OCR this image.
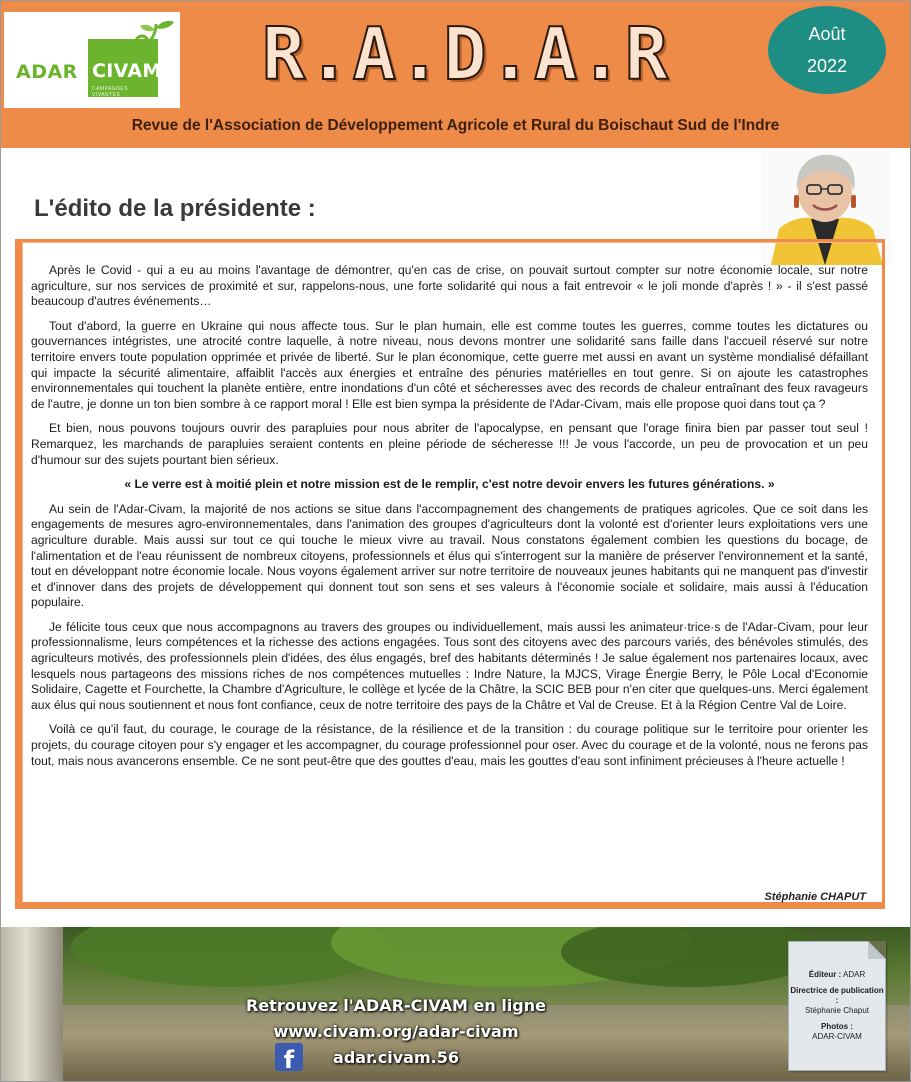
ADAR CIVAM
CAMPAGNES VIVANTES	R.A.D.A.R	Août
2022
Revue de l'Association de Développement Agricole et Rural du Boischaut Sud de l'Indre
L'édito de la présidente :

Après le Covid - qui a eu au moins l'avantage de démontrer, qu'en cas de crise, on pouvait surtout compter sur notre économie locale, sur notre agriculture, sur nos services de proximité et sur, rappelons-nous, une forte solidarité qui nous a fait entrevoir « le joli monde d'après ! » - il s'est passé beaucoup d'autres événements…

Tout d'abord, la guerre en Ukraine qui nous affecte tous. Sur le plan humain, elle est comme toutes les guerres, comme toutes les dictatures ou gouvernances intégristes, une atrocité contre laquelle, à notre niveau, nous devons montrer une solidarité sans faille dans l'accueil réservé sur notre territoire envers toute population opprimée et privée de liberté. Sur le plan économique, cette guerre met aussi en avant un système mondialisé défaillant qui impacte la sécurité alimentaire, affaiblit l'accès aux énergies et entraîne des pénuries matérielles en tout genre. Si on ajoute les catastrophes environnementales qui touchent la planète entière, entre inondations d'un côté et sécheresses avec des records de chaleur entraînant des feux ravageurs de l'autre, je donne un ton bien sombre à ce rapport moral ! Elle est bien sympa la présidente de l'Adar-Civam, mais elle propose quoi dans tout ça ?

Et bien, nous pouvons toujours ouvrir des parapluies pour nous abriter de l'apocalypse, en pensant que l'orage finira bien par passer tout seul ! Remarquez, les marchands de parapluies seraient contents en pleine période de sécheresse !!! Je vous l'accorde, un peu de provocation et un peu d'humour sur des sujets pourtant bien sérieux.

« Le verre est à moitié plein et notre mission est de le remplir, c'est notre devoir envers les futures générations. »

Au sein de l'Adar-Civam, la majorité de nos actions se situe dans l'accompagnement des changements de pratiques agricoles. Que ce soit dans les engagements de mesures agro-environnementales, dans l'animation des groupes d'agriculteurs dont la volonté est d'orienter leurs exploitations vers une agriculture durable. Mais aussi sur tout ce qui touche le mieux vivre au travail. Nous constatons également combien les questions du bocage, de l'alimentation et de l'eau réunissent de nombreux citoyens, professionnels et élus qui s'interrogent sur la manière de préserver l'environnement et la santé, tout en développant notre économie locale. Nous voyons également arriver sur notre territoire de nouveaux jeunes habitants qui ne manquent pas d'investir et d'innover dans des projets de développement qui donnent tout son sens et ses valeurs à l'économie sociale et solidaire, mais aussi à l'éducation populaire.

Je félicite tous ceux que nous accompagnons au travers des groupes ou individuellement, mais aussi les animateur·trice·s de l'Adar-Civam, pour leur professionnalisme, leurs compétences et la richesse des actions engagées. Tous sont des citoyens avec des parcours variés, des bénévoles stimulés, des agriculteurs motivés, des professionnels plein d'idées, des élus engagés, bref des habitants déterminés ! Je salue également nos partenaires locaux, avec lesquels nous partageons des missions riches de nos compétences mutuelles : Indre Nature, la MJCS, Virage Énergie Berry, le Pôle Local d'Economie Solidaire, Cagette et Fourchette, la Chambre d'Agriculture, le collège et lycée de la Châtre, la SCIC BEB pour n'en citer que quelques-uns. Merci également aux élus qui nous soutiennent et nous font confiance, ceux de notre territoire des pays de la Châtre et Val de Creuse. Et à la Région Centre Val de Loire.

Voilà ce qu'il faut, du courage, le courage de la résistance, de la résilience et de la transition : du courage politique sur le territoire pour orienter les projets, du courage citoyen pour s'y engager et les accompagner, du courage professionnel pour oser. Avec du courage et de la volonté, nous ne ferons pas tout, mais nous avancerons ensemble. Ce ne sont peut-être que des gouttes d'eau, mais les gouttes d'eau sont infiniment précieuses à l'heure actuelle !

Stéphanie CHAPUT
Retrouvez l'ADAR-CIVAM en ligne
www.civam.org/adar-civam
f	adar.civam.56
Éditeur : ADAR
Directrice de publication :
Stéphanie Chaput
Photos :
ADAR-CIVAM
